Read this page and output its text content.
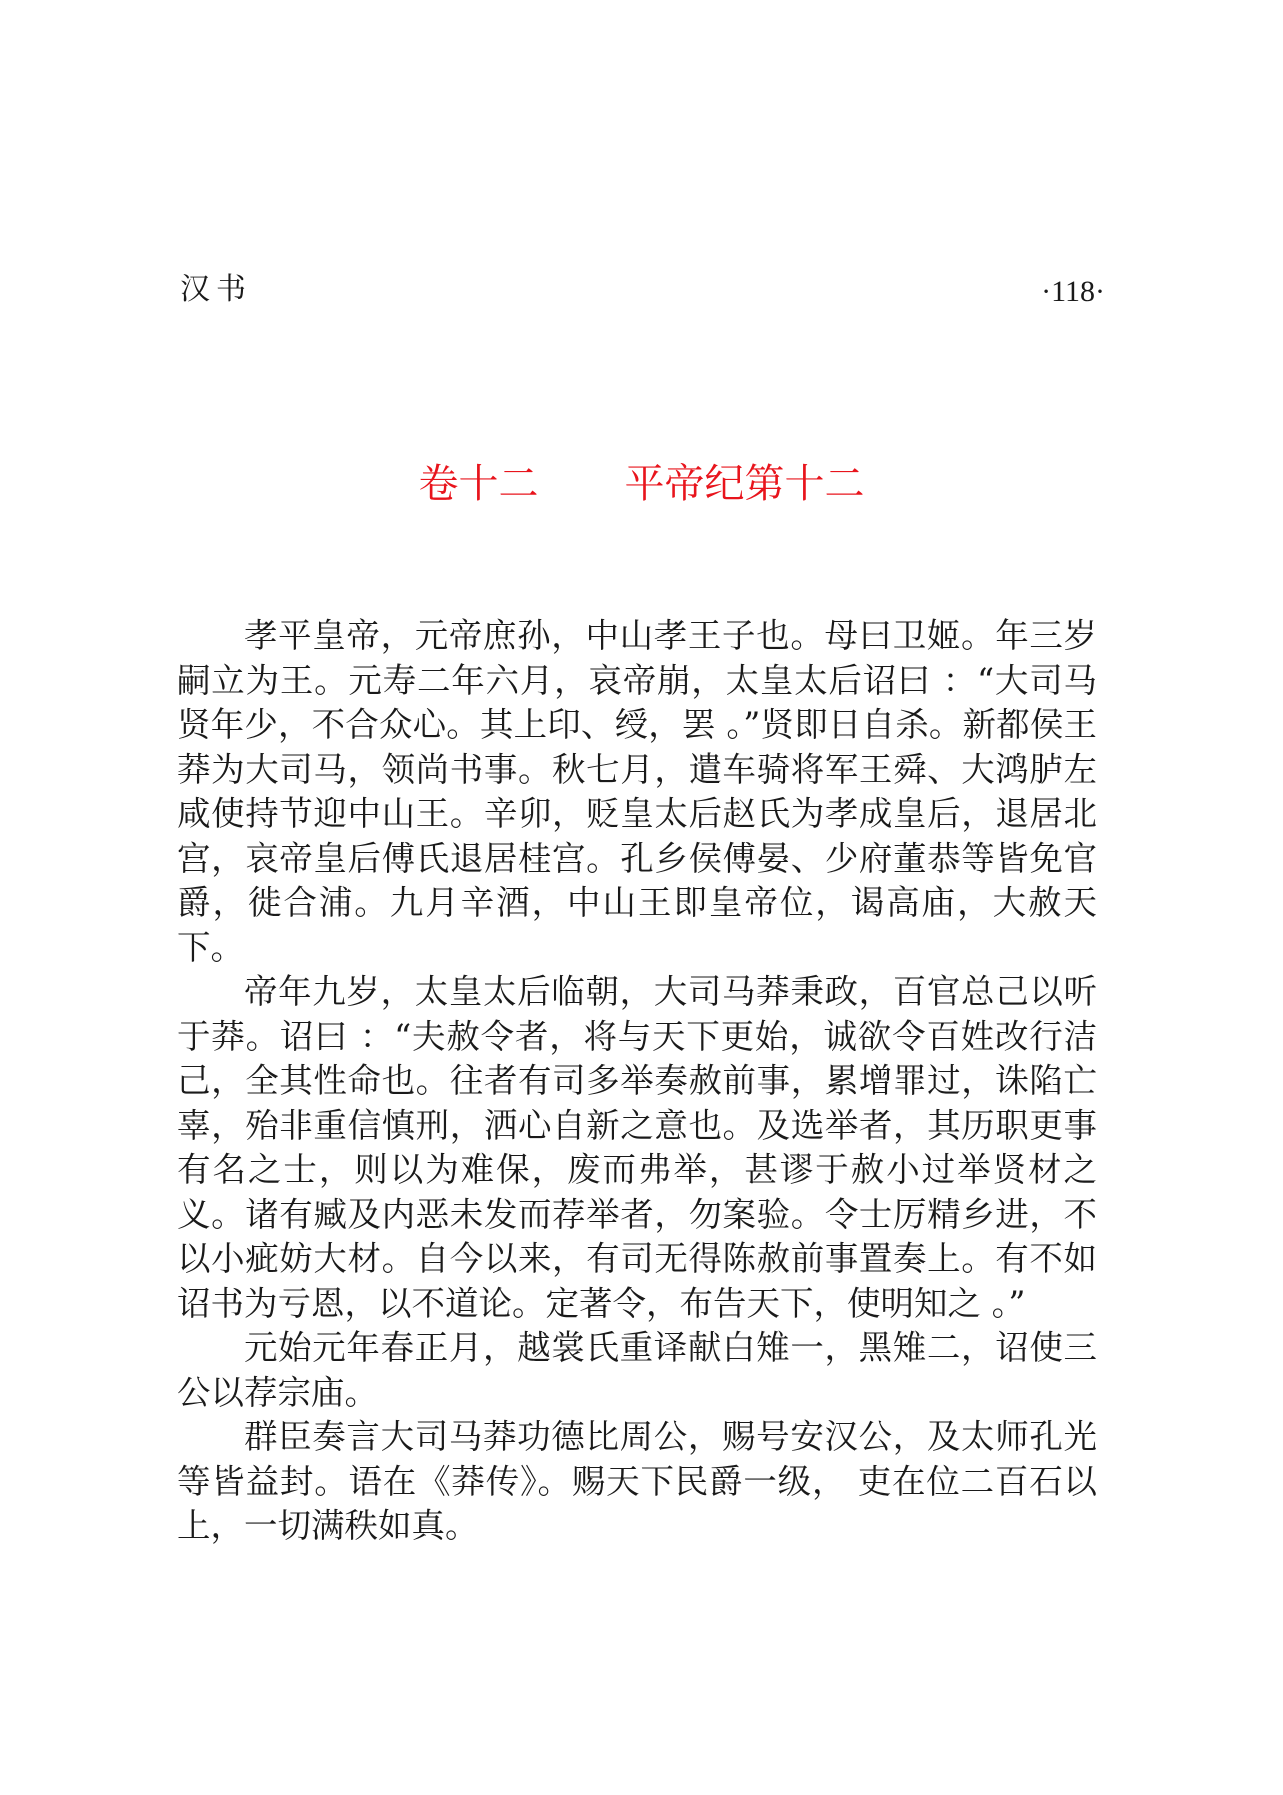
汉书	·118·
卷十二 平帝纪第十二

孝平皇帝，元帝庶孙，中山孝王子也。母曰卫姬。年三岁嗣立为王。元寿二年六月，哀帝崩，太皇太后诏曰 ：“大司马贤年少，不合众心。其上印、绶，罢 。”贤即日自杀。新都侯王莽为大司马，领尚书事。秋七月，遣车骑将军王舜、大鸿胪左咸使持节迎中山王。辛卯，贬皇太后赵氏为孝成皇后，退居北宫，哀帝皇后傅氏退居桂宫。孔乡侯傅晏、少府董恭等皆免官爵，徙合浦。九月辛酒，中山王即皇帝位，谒高庙，大赦天下。

帝年九岁，太皇太后临朝，大司马莽秉政，百官总己以听于莽。诏曰 ：“夫赦令者，将与天下更始，诚欲令百姓改行洁己，全其性命也。往者有司多举奏赦前事，累增罪过，诛陷亡辜，殆非重信慎刑，洒心自新之意也。及选举者，其历职更事有名之士，则以为难保，废而弗举，甚谬于赦小过举贤材之义。诸有臧及内恶未发而荐举者，勿案验。令士厉精乡进，不以小疵妨大材。自今以来，有司无得陈赦前事置奏上。有不如诏书为亏恩，以不道论。定著令，布告天下，使明知之 。”

元始元年春正月，越裳氏重译献白雉一，黑雉二，诏使三公以荐宗庙。

群臣奏言大司马莽功德比周公，赐号安汉公，及太师孔光等皆益封。语在《莽传》。赐天下民爵一级， 吏在位二百石以上，一切满秩如真。
